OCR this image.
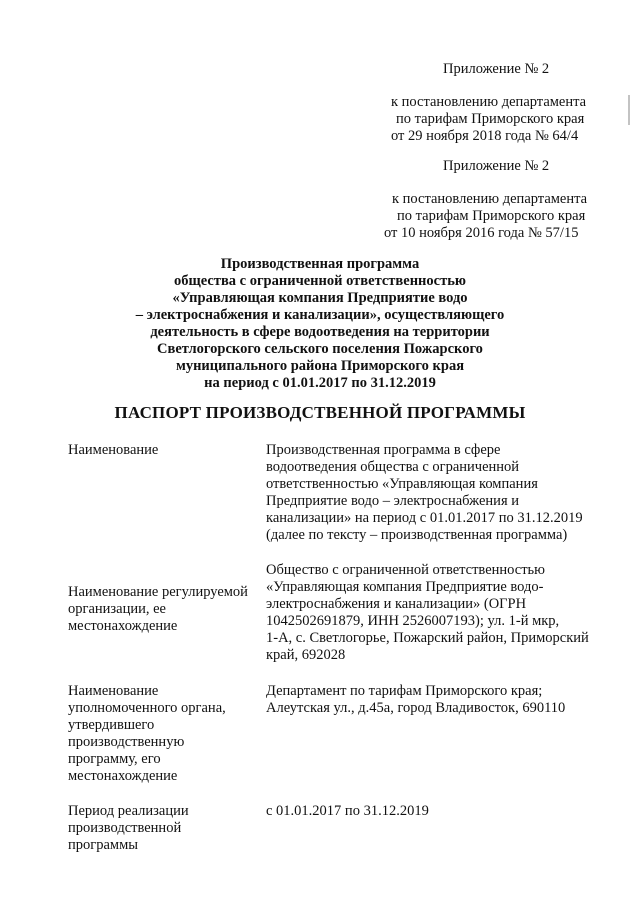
Приложение № 2
к постановлению департамента
по тарифам Приморского края
от 29 ноября 2018 года № 64/4
Приложение № 2
к постановлению департамента
по тарифам Приморского края
от 10 ноября 2016 года № 57/15
Производственная программа
общества с ограниченной ответственностью
«Управляющая компания Предприятие водо
– электроснабжения и канализации», осуществляющего
деятельность в сфере водоотведения на территории
Светлогорского сельского поселения Пожарского
муниципального района Приморского края
на период с 01.01.2017 по 31.12.2019
ПАСПОРТ ПРОИЗВОДСТВЕННОЙ ПРОГРАММЫ
Наименование	Производственная программа в сфере
водоотведения общества с ограниченной
ответственностью «Управляющая компания
Предприятие водо – электроснабжения и
канализации» на период с 01.01.2017 по 31.12.2019
(далее по тексту – производственная программа)
Наименование регулируемой
организации, ее
местонахождение
Общество с ограниченной ответственностью
«Управляющая компания Предприятие водо-
электроснабжения и канализации» (ОГРН
1042502691879, ИНН 2526007193); ул. 1-й мкр,
1-А, с. Светлогорье, Пожарский район, Приморский
край, 692028
Наименование
уполномоченного органа,
утвердившего
производственную
программу, его
местонахождение
Департамент по тарифам Приморского края;
Алеутская ул., д.45а, город Владивосток, 690110
Период реализации
производственной
программы
с 01.01.2017 по 31.12.2019
